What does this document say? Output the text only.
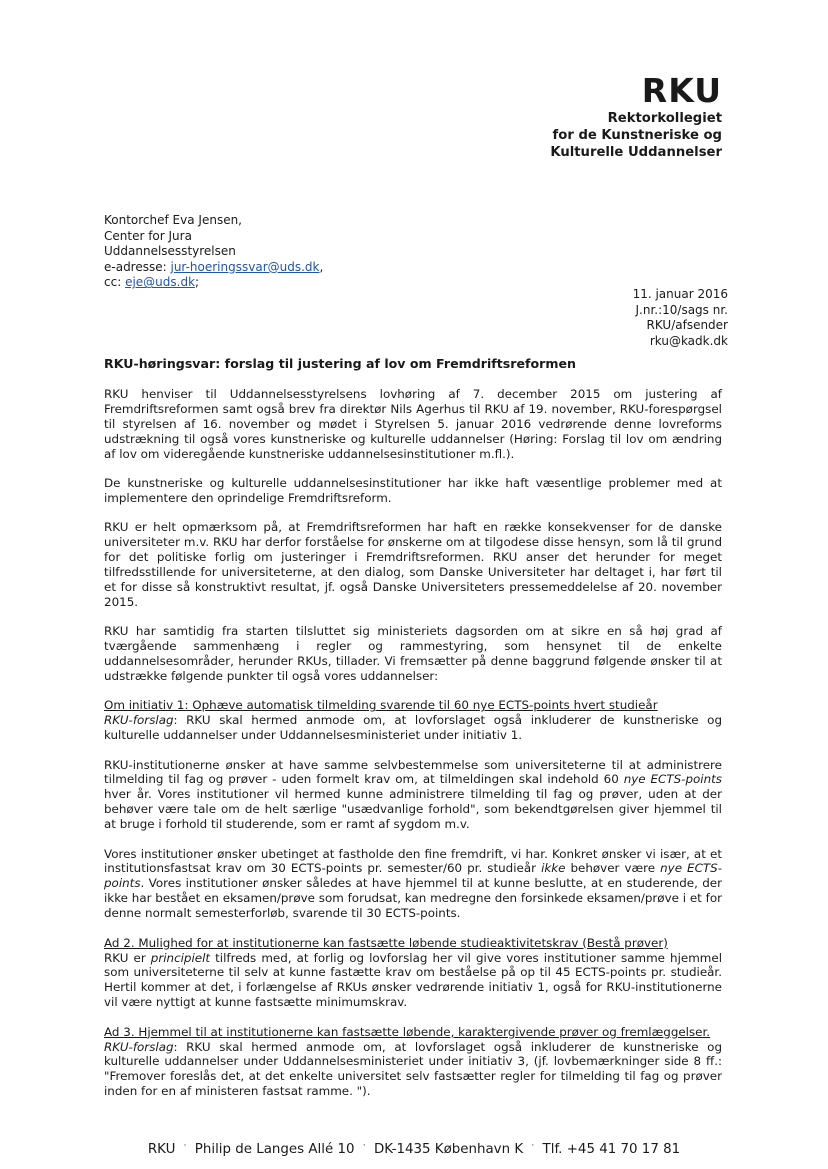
RKU
Rektorkollegiet
for de Kunstneriske og
Kulturelle Uddannelser
Kontorchef Eva Jensen,
Center for Jura
Uddannelsesstyrelsen
e-adresse: jur-hoeringssvar@uds.dk,
cc: eje@uds.dk;
11. januar 2016
J.nr.:10/sags nr.
RKU/afsender
rku@kadk.dk
RKU-høringsvar: forslag til justering af lov om Fremdriftsreformen

RKU henviser til Uddannelsesstyrelsens lovhøring af 7. december 2015 om justering af Fremdriftsreformen samt også brev fra direktør Nils Agerhus til RKU af 19. november, RKU-forespørgsel til styrelsen af 16. november og mødet i Styrelsen 5. januar 2016 vedrørende denne lovreforms udstrækning til også vores kunstneriske og kulturelle uddannelser (Høring: Forslag til lov om ændring af lov om videregående kunstneriske uddannelsesinstitutioner m.fl.).

De kunstneriske og kulturelle uddannelsesinstitutioner har ikke haft væsentlige problemer med at implementere den oprindelige Fremdriftsreform.

RKU er helt opmærksom på, at Fremdriftsreformen har haft en række konsekvenser for de danske universiteter m.v. RKU har derfor forståelse for ønskerne om at tilgodese disse hensyn, som lå til grund for det politiske forlig om justeringer i Fremdriftsreformen. RKU anser det herunder for meget tilfredsstillende for universiteterne, at den dialog, som Danske Universiteter har deltaget i, har ført til et for disse så konstruktivt resultat, jf. også Danske Universiteters pressemeddelelse af 20. november 2015.

RKU har samtidig fra starten tilsluttet sig ministeriets dagsorden om at sikre en så høj grad af tværgående sammenhæng i regler og rammestyring, som hensynet til de enkelte uddannelsesområder, herunder RKUs, tillader. Vi fremsætter på denne baggrund følgende ønsker til at udstrække følgende punkter til også vores uddannelser:

Om initiativ 1: Ophæve automatisk tilmelding svarende til 60 nye ECTS-points hvert studieår
RKU-forslag: RKU skal hermed anmode om, at lovforslaget også inkluderer de kunstneriske og kulturelle uddannelser under Uddannelsesministeriet under initiativ 1.

RKU-institutionerne ønsker at have samme selvbestemmelse som universiteterne til at administrere tilmelding til fag og prøver - uden formelt krav om, at tilmeldingen skal indehold 60 nye ECTS-points hver år. Vores institutioner vil hermed kunne administrere tilmelding til fag og prøver, uden at der behøver være tale om de helt særlige "usædvanlige forhold", som bekendtgørelsen giver hjemmel til at bruge i forhold til studerende, som er ramt af sygdom m.v.

Vores institutioner ønsker ubetinget at fastholde den fine fremdrift, vi har. Konkret ønsker vi især, at et institutionsfastsat krav om 30 ECTS-points pr. semester/60 pr. studieår ikke behøver være nye ECTS-points. Vores institutioner ønsker således at have hjemmel til at kunne beslutte, at en studerende, der ikke har bestået en eksamen/prøve som forudsat, kan medregne den forsinkede eksamen/prøve i et for denne normalt semesterforløb, svarende til 30 ECTS-points.

Ad 2. Mulighed for at institutionerne kan fastsætte løbende studieaktivitetskrav (Bestå prøver)
RKU er principielt tilfreds med, at forlig og lovforslag her vil give vores institutioner samme hjemmel som universiteterne til selv at kunne fastætte krav om beståelse på op til 45 ECTS-points pr. studieår. Hertil kommer at det, i forlængelse af RKUs ønsker vedrørende initiativ 1, også for RKU-institutionerne vil være nyttigt at kunne fastsætte minimumskrav.

Ad 3. Hjemmel til at institutionerne kan fastsætte løbende, karaktergivende prøver og fremlæggelser.
RKU-forslag: RKU skal hermed anmode om, at lovforslaget også inkluderer de kunstneriske og kulturelle uddannelser under Uddannelsesministeriet under initiativ 3, (jf. lovbemærkninger side 8 ff.: "Fremover foreslås det, at det enkelte universitet selv fastsætter regler for tilmelding til fag og prøver inden for en af ministeren fastsat ramme. ").

RKU · Philip de Langes Allé 10 · DK-1435 København K · Tlf. +45 41 70 17 81
